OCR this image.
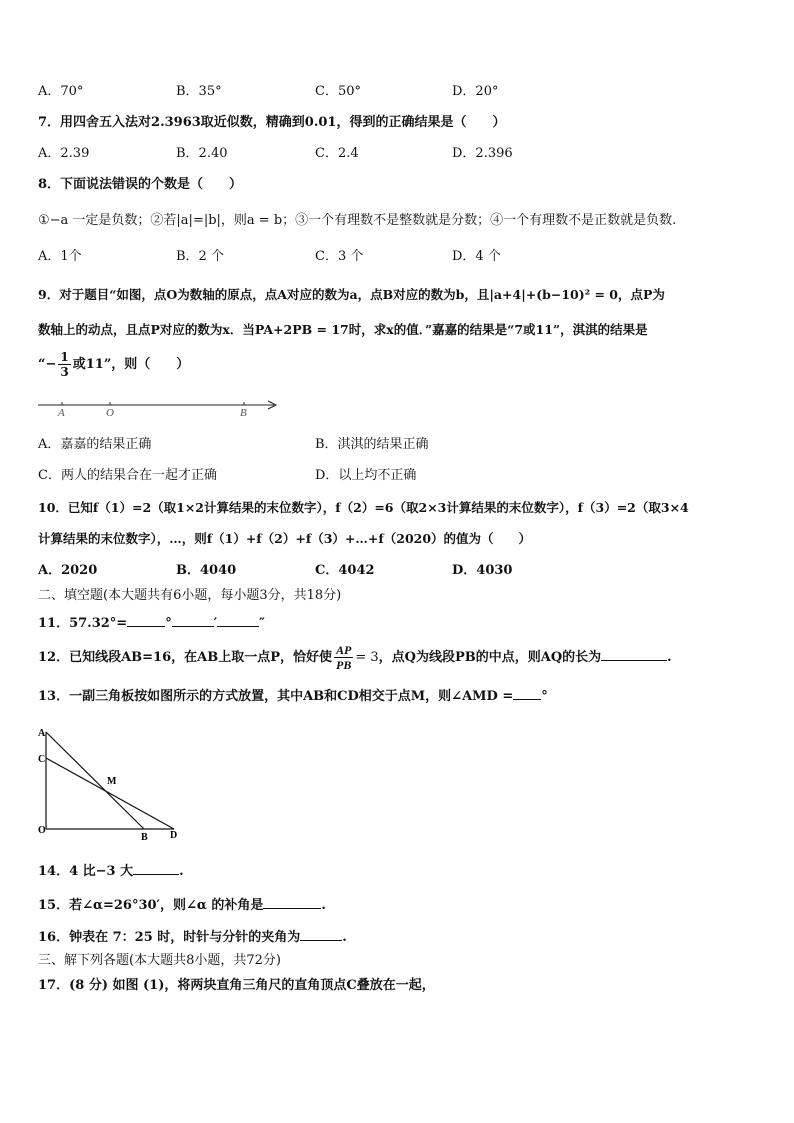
A．70°	B．35°	C．50°	D．20°
7．用四舍五入法对2.3963取近似数，精确到0.01，得到的正确结果是（　　）
A．2.39	B．2.40	C．2.4	D．2.396
8．下面说法错误的个数是（　　）
①−a 一定是负数；②若|a|=|b|，则a = b；③一个有理数不是整数就是分数；④一个有理数不是正数就是负数.
A．1个	B．2 个	C．3 个	D．4 个
9．对于题目“如图，点O为数轴的原点，点A对应的数为a，点B对应的数为b，且|a+4|+(b−10)² = 0，点P为
数轴上的动点，且点P对应的数为x．当PA+2PB = 17时，求x的值．”嘉嘉的结果是“7或11”，淇淇的结果是
“− $\frac{1}{3}$ 或11”，则（　　）
A	O	B
A．嘉嘉的结果正确	B．淇淇的结果正确
C．两人的结果合在一起才正确	D．以上均不正确
10．已知f（1）=2（取1×2计算结果的末位数字），f（2）=6（取2×3计算结果的末位数字），f（3）=2（取3×4
计算结果的末位数字），…，则f（1）+f（2）+f（3）+…+f（2020）的值为（　　）
A．2020	B．4040	C．4042	D．4030
二、填空题(本大题共有6小题，每小题3分，共18分)
11．57.32°=	°	′	″
12．已知线段AB=16，在AB上取一点P，恰好使 $\frac{AP}{PB} = 3$，点Q为线段PB的中点，则AQ的长为	.
13．一副三角板按如图所示的方式放置，其中AB和CD相交于点M，则∠AMD = °
A
C
M
O
B D
14．4 比−3 大	.
15．若∠α=26°30′，则∠α 的补角是	.
16．钟表在 7：25 时，时针与分针的夹角为	.
三、解下列各题(本大题共8小题，共72分)
17．(8 分) 如图 (1)，将两块直角三角尺的直角顶点C叠放在一起，
